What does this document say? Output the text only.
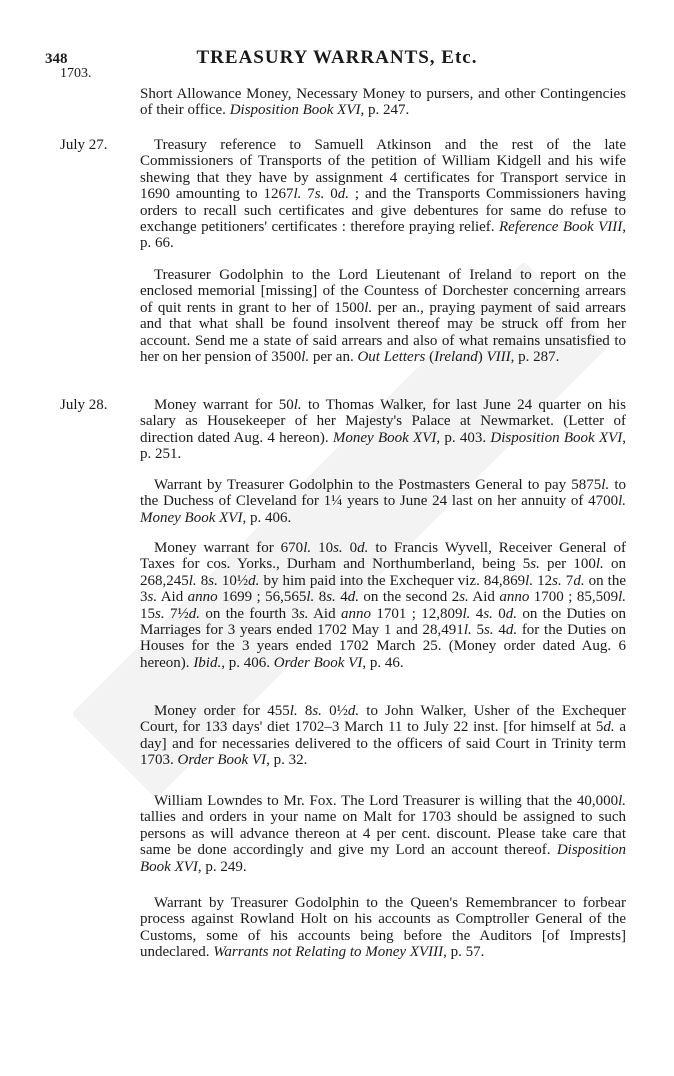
348	TREASURY WARRANTS, Etc.
1703.
Short Allowance Money, Necessary Money to pursers, and other Contingencies of their office. Disposition Book XVI, p. 247.
July 27.	Treasury reference to Samuell Atkinson and the rest of the late Commissioners of Transports of the petition of William Kidgell and his wife shewing that they have by assignment 4 certificates for Transport service in 1690 amounting to 1267l. 7s. 0d. ; and the Transports Commissioners having orders to recall such certificates and give debentures for same do refuse to exchange petitioners' certificates : therefore praying relief. Reference Book VIII, p. 66.
Treasurer Godolphin to the Lord Lieutenant of Ireland to report on the enclosed memorial [missing] of the Countess of Dorchester concerning arrears of quit rents in grant to her of 1500l. per an., praying payment of said arrears and that what shall be found insolvent thereof may be struck off from her account. Send me a state of said arrears and also of what remains unsatisfied to her on her pension of 3500l. per an. Out Letters (Ireland) VIII, p. 287.
July 28.	Money warrant for 50l. to Thomas Walker, for last June 24 quarter on his salary as Housekeeper of her Majesty's Palace at Newmarket. (Letter of direction dated Aug. 4 hereon). Money Book XVI, p. 403. Disposition Book XVI, p. 251.
Warrant by Treasurer Godolphin to the Postmasters General to pay 5875l. to the Duchess of Cleveland for 1¼ years to June 24 last on her annuity of 4700l. Money Book XVI, p. 406.
Money warrant for 670l. 10s. 0d. to Francis Wyvell, Receiver General of Taxes for cos. Yorks., Durham and Northumberland, being 5s. per 100l. on 268,245l. 8s. 10½d. by him paid into the Exchequer viz. 84,869l. 12s. 7d. on the 3s. Aid anno 1699 ; 56,565l. 8s. 4d. on the second 2s. Aid anno 1700 ; 85,509l. 15s. 7½d. on the fourth 3s. Aid anno 1701 ; 12,809l. 4s. 0d. on the Duties on Marriages for 3 years ended 1702 May 1 and 28,491l. 5s. 4d. for the Duties on Houses for the 3 years ended 1702 March 25. (Money order dated Aug. 6 hereon). Ibid., p. 406. Order Book VI, p. 46.
Money order for 455l. 8s. 0½d. to John Walker, Usher of the Exchequer Court, for 133 days' diet 1702–3 March 11 to July 22 inst. [for himself at 5d. a day] and for necessaries delivered to the officers of said Court in Trinity term 1703. Order Book VI, p. 32.
William Lowndes to Mr. Fox. The Lord Treasurer is willing that the 40,000l. tallies and orders in your name on Malt for 1703 should be assigned to such persons as will advance thereon at 4 per cent. discount. Please take care that same be done accordingly and give my Lord an account thereof. Disposition Book XVI, p. 249.
Warrant by Treasurer Godolphin to the Queen's Remembrancer to forbear process against Rowland Holt on his accounts as Comptroller General of the Customs, some of his accounts being before the Auditors [of Imprests] undeclared. Warrants not Relating to Money XVIII, p. 57.
